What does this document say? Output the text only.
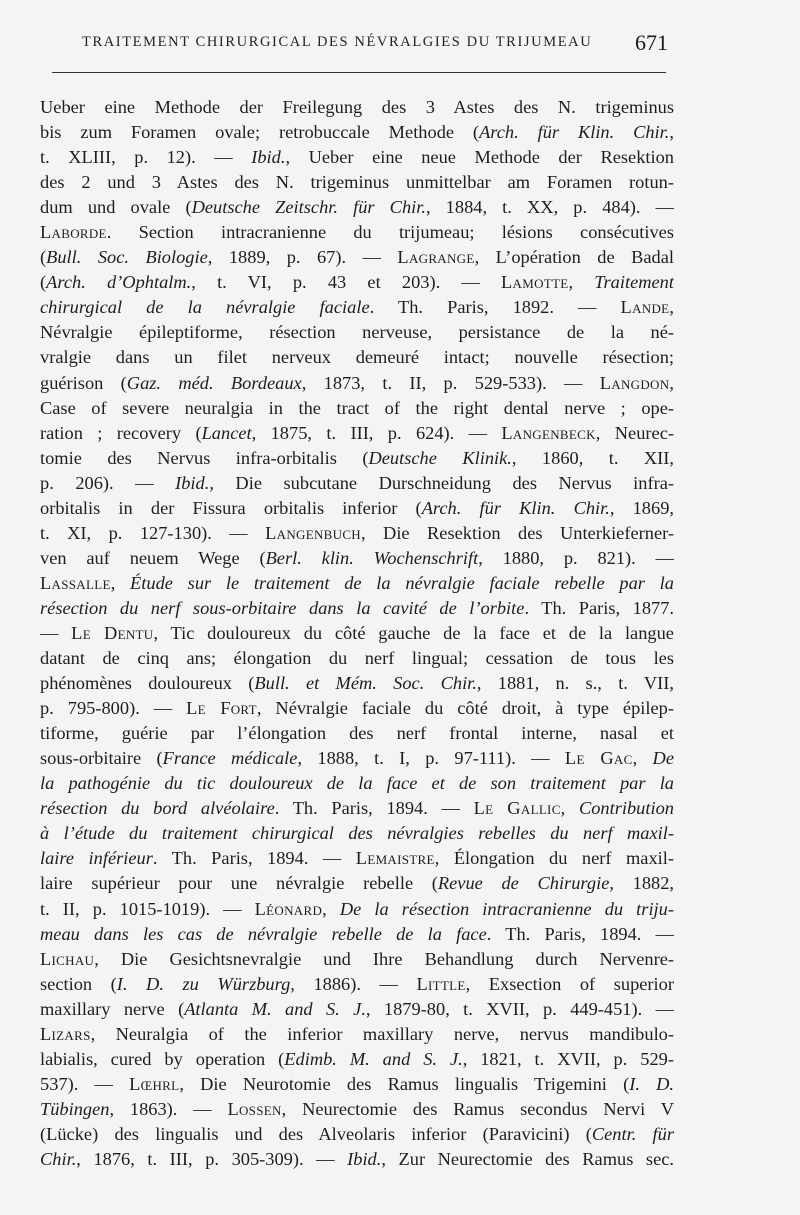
TRAITEMENT CHIRURGICAL DES NÉVRALGIES DU TRIJUMEAU 671
Ueber eine Methode der Freilegung des 3 Astes des N. trigeminus
bis zum Foramen ovale; retrobuccale Methode (Arch. für Klin. Chir.,
t. XLIII, p. 12). — Ibid., Ueber eine neue Methode der Resektion
des 2 und 3 Astes des N. trigeminus unmittelbar am Foramen rotun-
dum und ovale (Deutsche Zeitschr. für Chir., 1884, t. XX, p. 484). —
Laborde. Section intracranienne du trijumeau; lésions consécutives
(Bull. Soc. Biologie, 1889, p. 67). — Lagrange, L’opération de Badal
(Arch. d’Ophtalm., t. VI, p. 43 et 203). — Lamotte, Traitement
chirurgical de la névralgie faciale. Th. Paris, 1892. — Lande,
Névralgie épileptiforme, résection nerveuse, persistance de la né-
vralgie dans un filet nerveux demeuré intact; nouvelle résection;
guérison (Gaz. méd. Bordeaux, 1873, t. II, p. 529-533). — Langdon,
Case of severe neuralgia in the tract of the right dental nerve ; ope-
ration ; recovery (Lancet, 1875, t. III, p. 624). — Langenbeck, Neurec-
tomie des Nervus infra-orbitalis (Deutsche Klinik., 1860, t. XII,
p. 206). — Ibid., Die subcutane Durschneidung des Nervus infra-
orbitalis in der Fissura orbitalis inferior (Arch. für Klin. Chir., 1869,
t. XI, p. 127-130). — Langenbuch, Die Resektion des Unterkieferner-
ven auf neuem Wege (Berl. klin. Wochenschrift, 1880, p. 821). —
Lassalle, Étude sur le traitement de la névralgie faciale rebelle par la
résection du nerf sous-orbitaire dans la cavité de l’orbite. Th. Paris, 1877.
— Le Dentu, Tic douloureux du côté gauche de la face et de la langue
datant de cinq ans; élongation du nerf lingual; cessation de tous les
phénomènes douloureux (Bull. et Mém. Soc. Chir., 1881, n. s., t. VII,
p. 795-800). — Le Fort, Névralgie faciale du côté droit, à type épilep-
tiforme, guérie par l’élongation des nerf frontal interne, nasal et
sous-orbitaire (France médicale, 1888, t. I, p. 97-111). — Le Gac, De
la pathogénie du tic douloureux de la face et de son traitement par la
résection du bord alvéolaire. Th. Paris, 1894. — Le Gallic, Contribution
à l’étude du traitement chirurgical des névralgies rebelles du nerf maxil-
laire inférieur. Th. Paris, 1894. — Lemaistre, Élongation du nerf maxil-
laire supérieur pour une névralgie rebelle (Revue de Chirurgie, 1882,
t. II, p. 1015-1019). — Léonard, De la résection intracranienne du triju-
meau dans les cas de névralgie rebelle de la face. Th. Paris, 1894. —
Lichau, Die Gesichtsnevralgie und Ihre Behandlung durch Nervenre-
section (I. D. zu Würzburg, 1886). — Little, Exsection of superior
maxillary nerve (Atlanta M. and S. J., 1879-80, t. XVII, p. 449-451). —
Lizars, Neuralgia of the inferior maxillary nerve, nervus mandibulo-
labialis, cured by operation (Edimb. M. and S. J., 1821, t. XVII, p. 529-
537). — Lœhrl, Die Neurotomie des Ramus lingualis Trigemini (I. D.
Tübingen, 1863). — Lossen, Neurectomie des Ramus secondus Nervi V
(Lücke) des lingualis und des Alveolaris inferior (Paravicini) (Centr. für
Chir., 1876, t. III, p. 305-309). — Ibid., Zur Neurectomie des Ramus sec.
